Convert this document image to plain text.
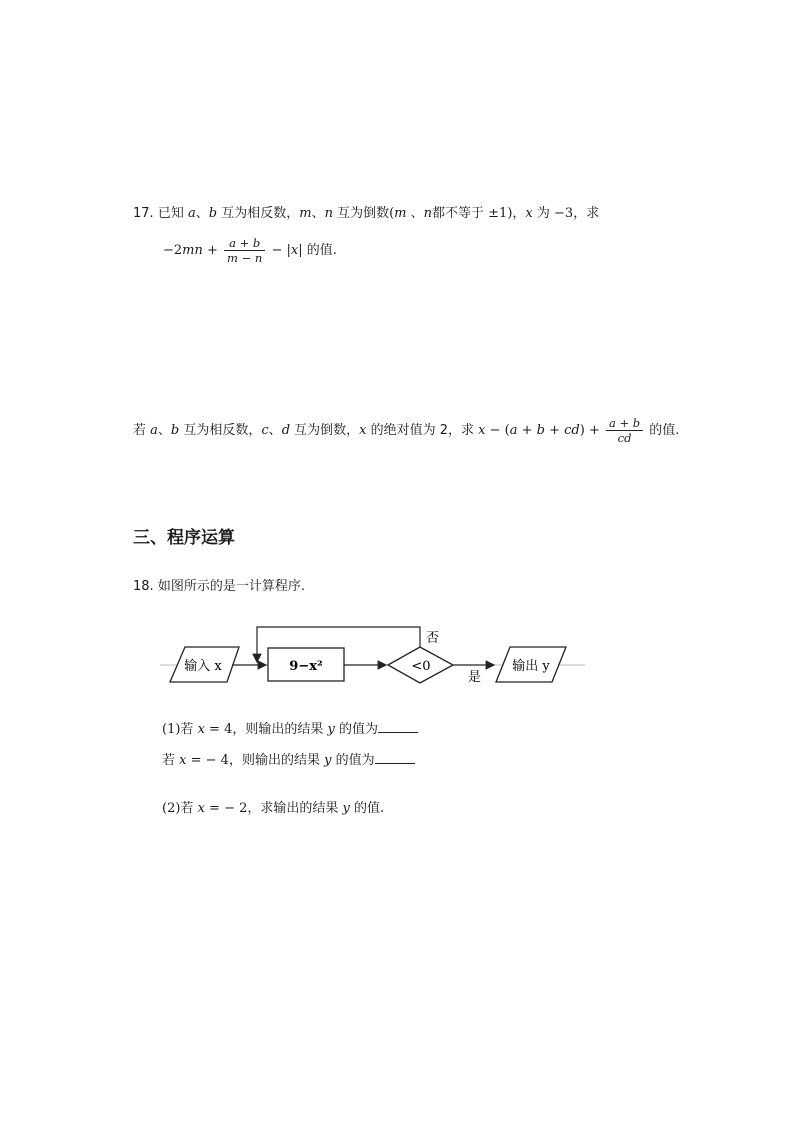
17. 已知 a、b 互为相反数，m、n 互为倒数(m 、n都不等于 ±1)，x 为 −3，求
$-2mn + \frac{a + b}{m - n} - |x|$ 的值.
若 a、b 互为相反数，c、d 互为倒数，x 的绝对值为 2，求 $x - (a + b + cd) + \frac{a + b}{cd}$ 的值.
三、程序运算
18. 如图所示的是一计算程序.
输入 x	9−x²	<0
否
是
输出 y
(1)若 x = 4，则输出的结果 y 的值为
若 x = − 4，则输出的结果 y 的值为
(2)若 x = − 2，求输出的结果 y 的值.
